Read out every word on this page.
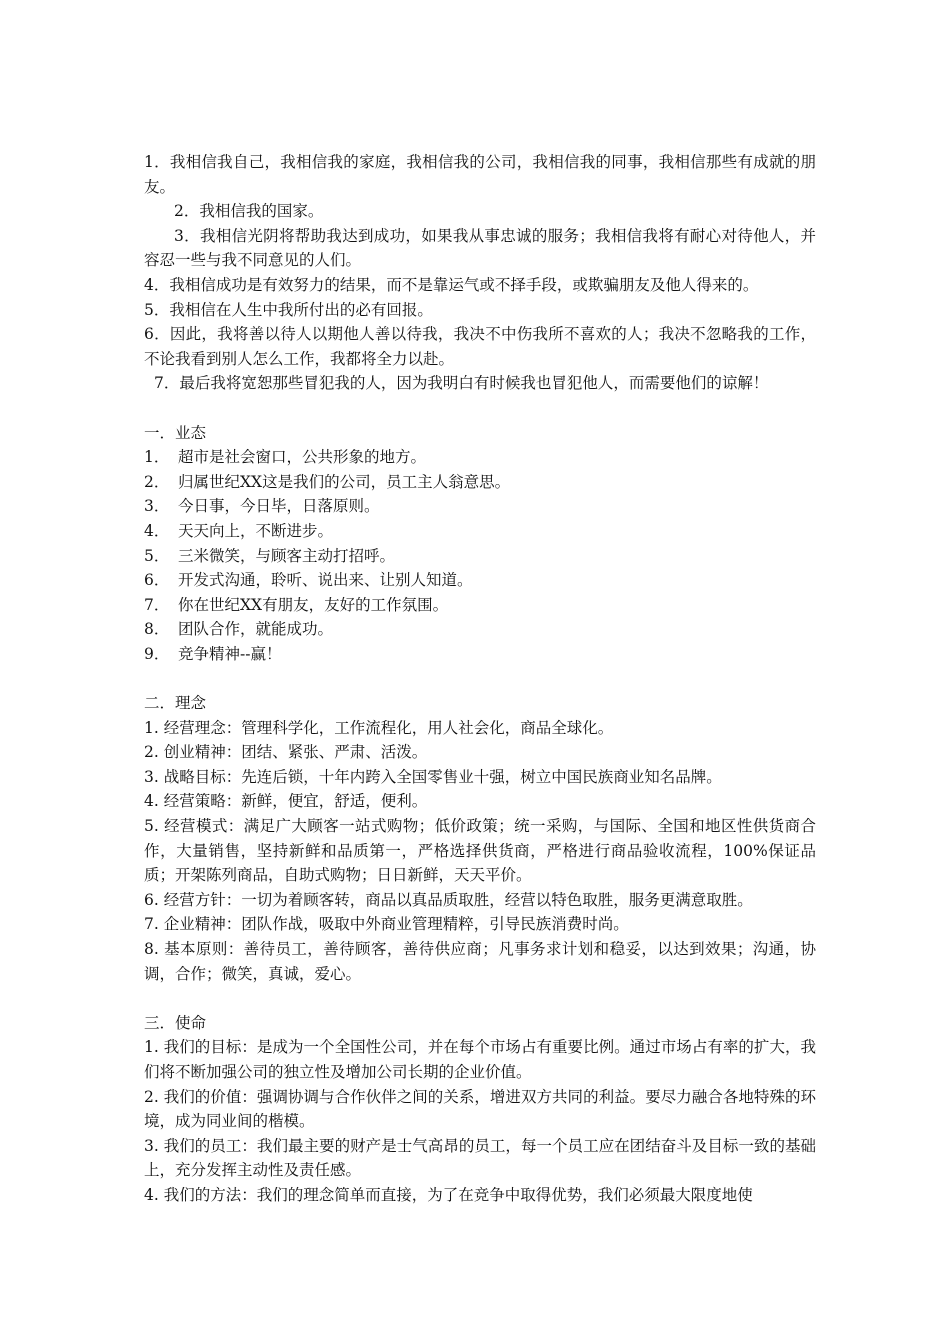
1．我相信我自己，我相信我的家庭，我相信我的公司，我相信我的同事，我相信那些有成就的朋友。

2．我相信我的国家。

3．我相信光阴将帮助我达到成功，如果我从事忠诚的服务；我相信我将有耐心对待他人，并容忍一些与我不同意见的人们。

4．我相信成功是有效努力的结果，而不是靠运气或不择手段，或欺骗朋友及他人得来的。

5．我相信在人生中我所付出的必有回报。

6．因此，我将善以待人以期他人善以待我，我决不中伤我所不喜欢的人；我决不忽略我的工作，不论我看到别人怎么工作，我都将全力以赴。

7．最后我将宽恕那些冒犯我的人，因为我明白有时候我也冒犯他人，而需要他们的谅解！

一．业态

1． 超市是社会窗口，公共形象的地方。

2． 归属世纪XX这是我们的公司，员工主人翁意思。

3． 今日事，今日毕，日落原则。

4． 天天向上，不断进步。

5． 三米微笑，与顾客主动打招呼。

6． 开发式沟通，聆听、说出来、让别人知道。

7． 你在世纪XX有朋友，友好的工作氛围。

8． 团队合作，就能成功。

9． 竞争精神--赢！

二．理念

1. 经营理念：管理科学化，工作流程化，用人社会化，商品全球化。

2. 创业精神：团结、紧张、严肃、活泼。

3. 战略目标：先连后锁，十年内跨入全国零售业十强，树立中国民族商业知名品牌。

4. 经营策略：新鲜，便宜，舒适，便利。

5. 经营模式：满足广大顾客一站式购物；低价政策；统一采购，与国际、全国和地区性供货商合作，大量销售，坚持新鲜和品质第一，严格选择供货商，严格进行商品验收流程，100%保证品质；开架陈列商品，自助式购物；日日新鲜，天天平价。

6. 经营方针：一切为着顾客转，商品以真品质取胜，经营以特色取胜，服务更满意取胜。

7. 企业精神：团队作战，吸取中外商业管理精粹，引导民族消费时尚。

8. 基本原则：善待员工，善待顾客，善待供应商；凡事务求计划和稳妥，以达到效果；沟通，协调，合作；微笑，真诚，爱心。

三．使命

1. 我们的目标：是成为一个全国性公司，并在每个市场占有重要比例。通过市场占有率的扩大，我们将不断加强公司的独立性及增加公司长期的企业价值。

2. 我们的价值：强调协调与合作伙伴之间的关系，增进双方共同的利益。要尽力融合各地特殊的环境，成为同业间的楷模。

3. 我们的员工：我们最主要的财产是士气高昂的员工，每一个员工应在团结奋斗及目标一致的基础上，充分发挥主动性及责任感。

4. 我们的方法：我们的理念简单而直接，为了在竞争中取得优势，我们必须最大限度地使
